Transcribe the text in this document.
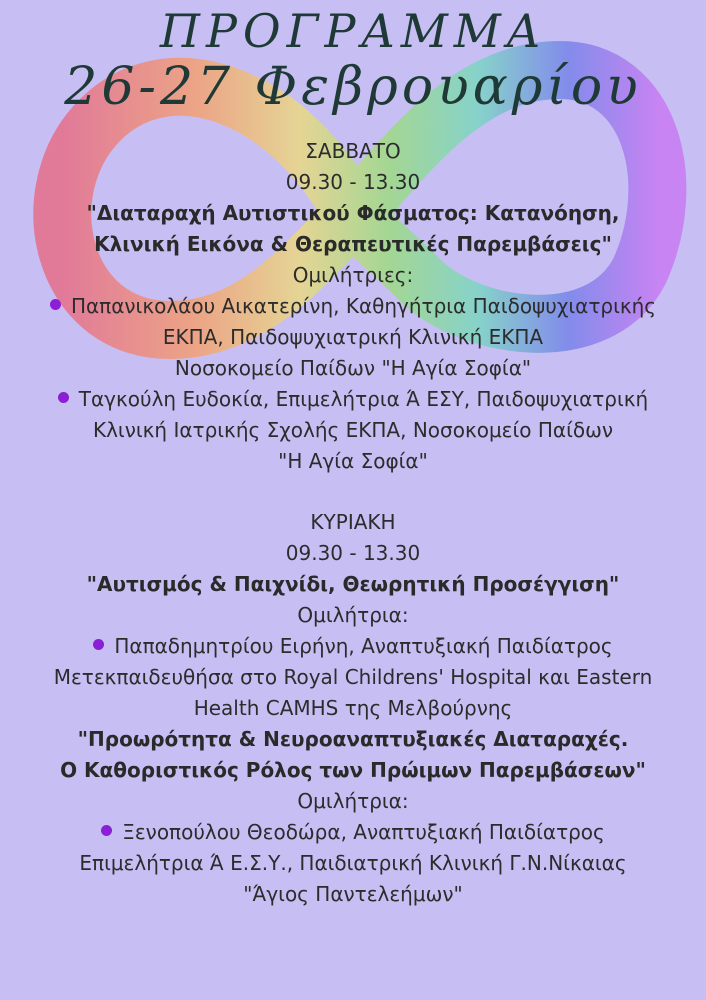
ΠΡΟΓΡΑΜΜΑ
26-27 Φεβρουαρίου

ΣΑΒΒΑΤΟ

09.30 - 13.30

"Διαταραχή Αυτιστικού Φάσματος: Κατανόηση,

Κλινική Εικόνα & Θεραπευτικές Παρεμβάσεις"

Ομιλήτριες:

Παπανικολάου Αικατερίνη, Καθηγήτρια Παιδοψυχιατρικής

ΕΚΠΑ, Παιδοψυχιατρική Κλινική ΕΚΠΑ

Νοσοκομείο Παίδων "Η Αγία Σοφία"

Ταγκούλη Ευδοκία, Επιμελήτρια Ά ΕΣΥ, Παιδοψυχιατρική

Κλινική Ιατρικής Σχολής ΕΚΠΑ, Νοσοκομείο Παίδων

"Η Αγία Σοφία"

ΚΥΡΙΑΚΗ

09.30 - 13.30

"Αυτισμός & Παιχνίδι, Θεωρητική Προσέγγιση"

Ομιλήτρια:

Παπαδημητρίου Ειρήνη, Αναπτυξιακή Παιδίατρος

Μετεκπαιδευθήσα στο Royal Childrens' Hospital και Eastern

Health CAMHS της Μελβούρνης

"Προωρότητα & Νευροαναπτυξιακές Διαταραχές.

Ο Καθοριστικός Ρόλος των Πρώιμων Παρεμβάσεων"

Ομιλήτρια:

Ξενοπούλου Θεοδώρα, Αναπτυξιακή Παιδίατρος

Επιμελήτρια Ά Ε.Σ.Υ., Παιδιατρική Κλινική Γ.Ν.Νίκαιας

"Άγιος Παντελεήμων"
